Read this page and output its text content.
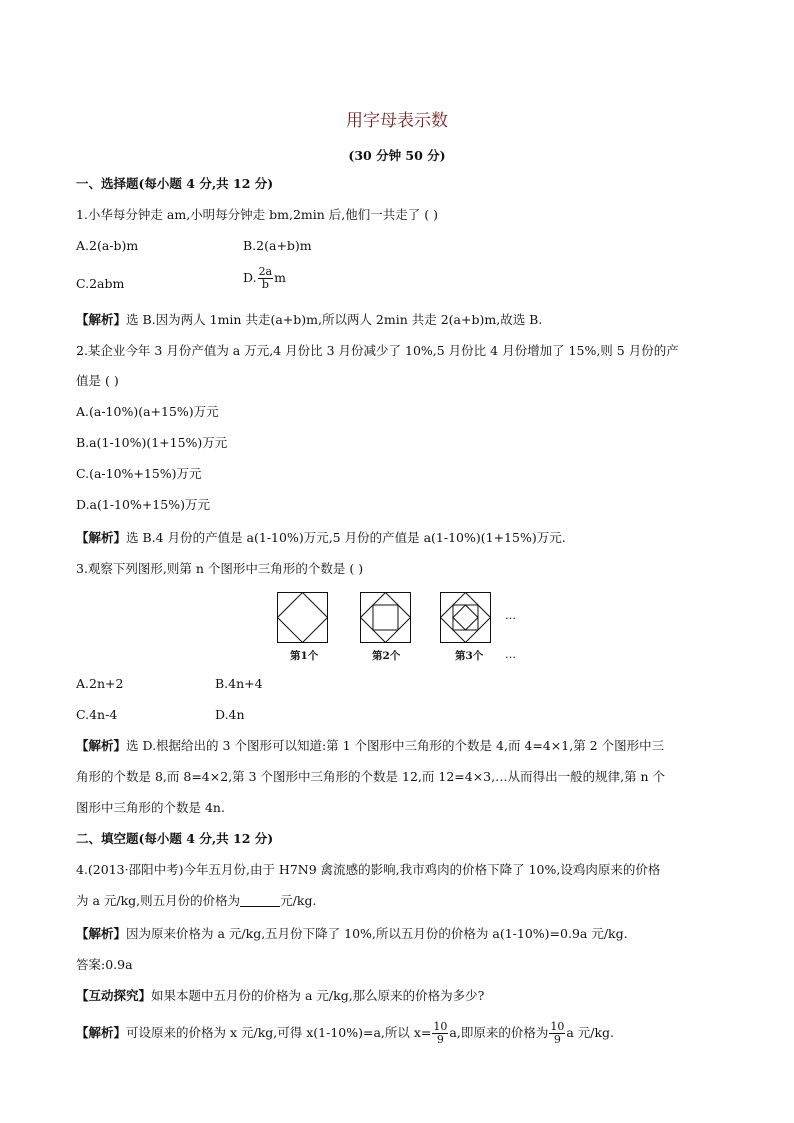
用字母表示数
(30 分钟 50 分)
一、选择题(每小题 4 分,共 12 分)
1.小华每分钟走 am,小明每分钟走 bm,2min 后,他们一共走了 ( )
A.2(a-b)m	B.2(a+b)m
C.2abm	D. $\frac{2a}{b}$ m
【解析】选 B.因为两人 1min 共走(a+b)m,所以两人 2min 共走 2(a+b)m,故选 B.
2.某企业今年 3 月份产值为 a 万元,4 月份比 3 月份减少了 10%,5 月份比 4 月份增加了 15%,则 5 月份的产
值是 ( )
A.(a-10%)(a+15%)万元
B.a(1-10%)(1+15%)万元
C.(a-10%+15%)万元
D.a(1-10%+15%)万元
【解析】选 B.4 月份的产值是 a(1-10%)万元,5 月份的产值是 a(1-10%)(1+15%)万元.
3.观察下列图形,则第 n 个图形中三角形的个数是 ( )
…
第1个	第2个	第3个 …
A.2n+2	B.4n+4
C.4n-4	D.4n
【解析】选 D.根据给出的 3 个图形可以知道:第 1 个图形中三角形的个数是 4,而 4=4×1,第 2 个图形中三
角形的个数是 8,而 8=4×2,第 3 个图形中三角形的个数是 12,而 12=4×3,…从而得出一般的规律,第 n 个
图形中三角形的个数是 4n.
二、填空题(每小题 4 分,共 12 分)
4.(2013·邵阳中考)今年五月份,由于 H7N9 禽流感的影响,我市鸡肉的价格下降了 10%,设鸡肉原来的价格
为 a 元/kg,则五月份的价格为	元/kg.
【解析】因为原来价格为 a 元/kg,五月份下降了 10%,所以五月份的价格为 a(1-10%)=0.9a 元/kg.
答案:0.9a
【互动探究】如果本题中五月份的价格为 a 元/kg,那么原来的价格为多少?
【解析】可设原来的价格为 x 元/kg,可得 x(1-10%)=a,所以 $x= \frac{10}{9} a$,即原来的价格为 $\frac{10}{9}$ a 元/kg.
